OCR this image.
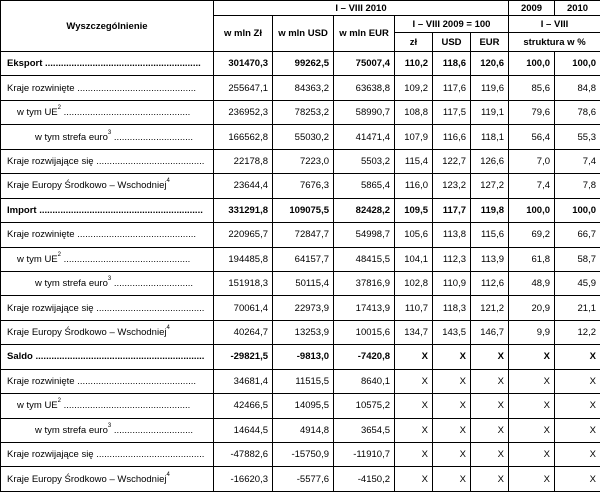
Wyszczególnienie	I – VIII 2010						2009	2010
	w mln Zł	w mln USD	w mln EUR	I – VIII 2009 = 100			I – VIII	
				zł	USD	EUR	struktura w %	
Eksport ...........................................................	301470,3	99262,5	75007,4	110,2	118,6	120,6	100,0	100,0
Kraje rozwinięte .............................................	255647,1	84363,2	63638,8	109,2	117,6	119,6	85,6	84,8
w tym $UE^2$ ................................................	236952,3	78253,2	58990,7	108,8	117,5	119,1	79,6	78,6
w tym strefa euro$^3$ ..............................	166562,8	55030,2	41471,4	107,9	116,6	118,1	56,4	55,3
Kraje rozwijające się .........................................	22178,8	7223,0	5503,2	115,4	122,7	126,6	7,0	7,4
Kraje Europy Środkowo – Wschodniej$^4$	23644,4	7676,3	5865,4	116,0	123,2	127,2	7,4	7,8
Import ..............................................................	331291,8	109075,5	82428,2	109,5	117,7	119,8	100,0	100,0
Kraje rozwinięte .............................................	220965,7	72847,7	54998,7	105,6	113,8	115,6	69,2	66,7
w tym $UE^2$ ................................................	194485,8	64157,7	48415,5	104,1	112,3	113,9	61,8	58,7
w tym strefa euro$^3$ ..............................	151918,3	50115,4	37816,9	102,8	110,9	112,6	48,9	45,9
Kraje rozwijające się .........................................	70061,4	22973,9	17413,9	110,7	118,3	121,2	20,9	21,1
Kraje Europy Środkowo – Wschodniej$^4$	40264,7	13253,9	10015,6	134,7	143,5	146,7	9,9	12,2
Saldo ................................................................	-29821,5	-9813,0	-7420,8	X	X	X	X	X
Kraje rozwinięte .............................................	34681,4	11515,5	8640,1	X	X	X	X	X
w tym $UE^2$ ................................................	42466,5	14095,5	10575,2	X	X	X	X	X
w tym strefa euro$^3$ ..............................	14644,5	4914,8	3654,5	X	X	X	X	X
Kraje rozwijające się .........................................	-47882,6	-15750,9	-11910,7	X	X	X	X	X
Kraje Europy Środkowo – Wschodniej$^4$	-16620,3	-5577,6	-4150,2	X	X	X	X	X
